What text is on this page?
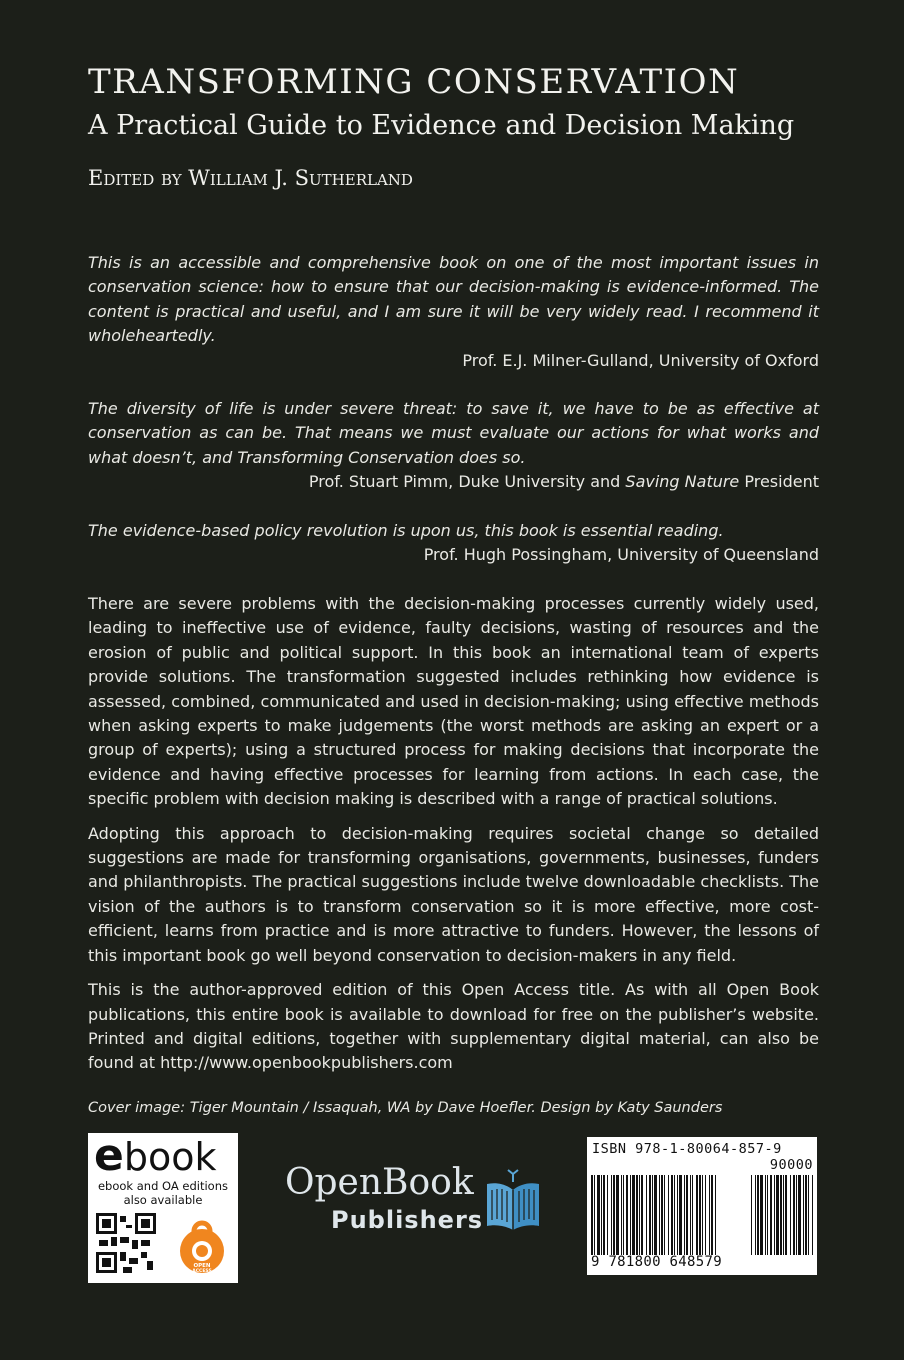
TRANSFORMING CONSERVATION
A Practical Guide to Evidence and Decision Making
Edited by William J. Sutherland
This is an accessible and comprehensive book on one of the most important issues in conservation science: how to ensure that our decision-making is evidence-informed. The content is practical and useful, and I am sure it will be very widely read. I recommend it wholeheartedly.
Prof. E.J. Milner-Gulland, University of Oxford
The diversity of life is under severe threat: to save it, we have to be as effective at conservation as can be. That means we must evaluate our actions for what works and what doesn’t, and Transforming Conservation does so.
Prof. Stuart Pimm, Duke University and Saving Nature President
The evidence-based policy revolution is upon us, this book is essential reading.
Prof. Hugh Possingham, University of Queensland

There are severe problems with the decision-making processes currently widely used, leading to ineffective use of evidence, faulty decisions, wasting of resources and the erosion of public and political support. In this book an international team of experts provide solutions. The transformation suggested includes rethinking how evidence is assessed, combined, communicated and used in decision-making; using effective methods when asking experts to make judgements (the worst methods are asking an expert or a group of experts); using a structured process for making decisions that incorporate the evidence and having effective processes for learning from actions. In each case, the specific problem with decision making is described with a range of practical solutions.

Adopting this approach to decision-making requires societal change so detailed suggestions are made for transforming organisations, governments, businesses, funders and philanthropists. The practical suggestions include twelve downloadable checklists. The vision of the authors is to transform conservation so it is more effective, more cost-efficient, learns from practice and is more attractive to funders. However, the lessons of this important book go well beyond conservation to decision-makers in any field.

This is the author-approved edition of this Open Access title. As with all Open Book publications, this entire book is available to download for free on the publisher’s website. Printed and digital editions, together with supplementary digital material, can also be found at http://www.openbookpublishers.com

Cover image: Tiger Mountain / Issaquah, WA by Dave Hoefler. Design by Katy Saunders
ebook
ebook and OA editions
also available
OPEN
ACCESS
OpenBook
Publishers
ISBN 978-1-80064-857-9
90000
9 781800 648579
